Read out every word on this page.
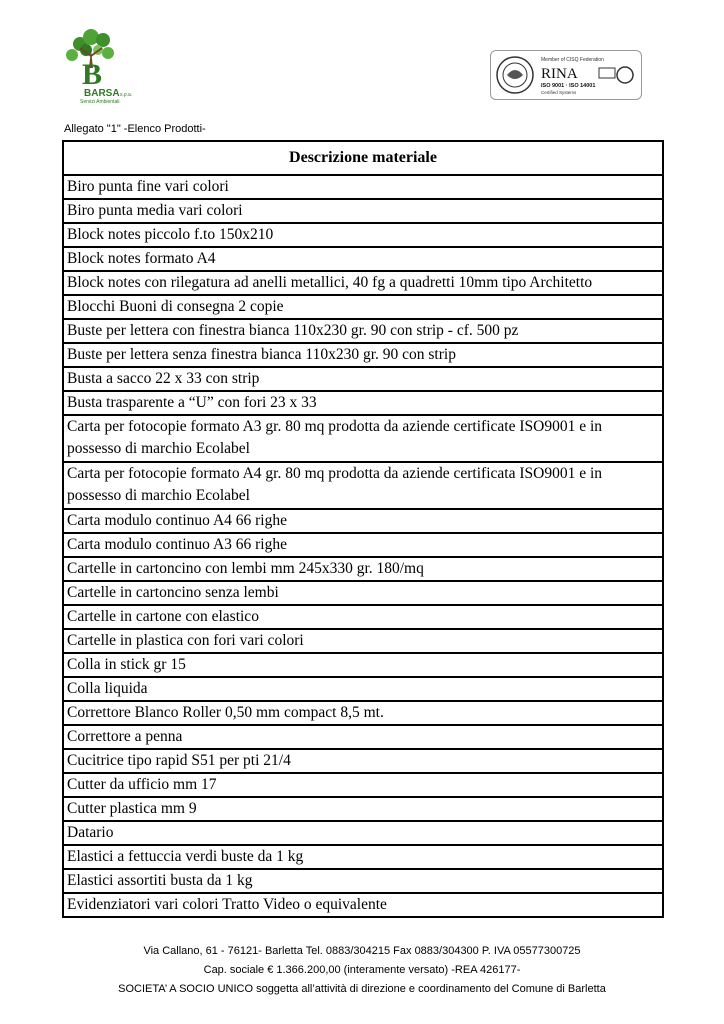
B
BARSA s.p.a.
Servizi Ambientali
Member of CISQ Federation
RINA
ISO 9001 · ISO 14001
Certified Systems
Allegato "1" -Elenco Prodotti-
Descrizione materiale
Biro punta fine vari colori
Biro punta media vari colori
Block notes piccolo f.to 150x210
Block notes formato A4
Block notes con rilegatura ad anelli metallici, 40 fg a quadretti 10mm tipo Architetto
Blocchi Buoni di consegna 2 copie
Buste per lettera con finestra bianca 110x230 gr. 90 con strip - cf. 500 pz
Buste per lettera senza finestra bianca 110x230 gr. 90 con strip
Busta a sacco 22 x 33 con strip
Busta trasparente a “U” con fori 23 x 33
Carta per fotocopie formato A3 gr. 80 mq prodotta da aziende certificate ISO9001 e in possesso di marchio Ecolabel
Carta per fotocopie formato A4 gr. 80 mq prodotta da aziende certificata ISO9001 e in possesso di marchio Ecolabel
Carta modulo continuo A4 66 righe
Carta modulo continuo A3 66 righe
Cartelle in cartoncino con lembi mm 245x330 gr. 180/mq
Cartelle in cartoncino senza lembi
Cartelle in cartone con elastico
Cartelle in plastica con fori vari colori
Colla in stick gr 15
Colla liquida
Correttore Blanco Roller 0,50 mm compact 8,5 mt.
Correttore a penna
Cucitrice tipo rapid S51 per pti 21/4
Cutter da ufficio mm 17
Cutter plastica mm 9
Datario
Elastici a fettuccia verdi buste da 1 kg
Elastici assortiti busta da 1 kg
Evidenziatori vari colori Tratto Video o equivalente
Via Callano, 61 - 76121- Barletta Tel. 0883/304215 Fax 0883/304300 P. IVA 05577300725
Cap. sociale € 1.366.200,00 (interamente versato) -REA 426177-
SOCIETA’ A SOCIO UNICO soggetta all’attività di direzione e coordinamento del Comune di Barletta
